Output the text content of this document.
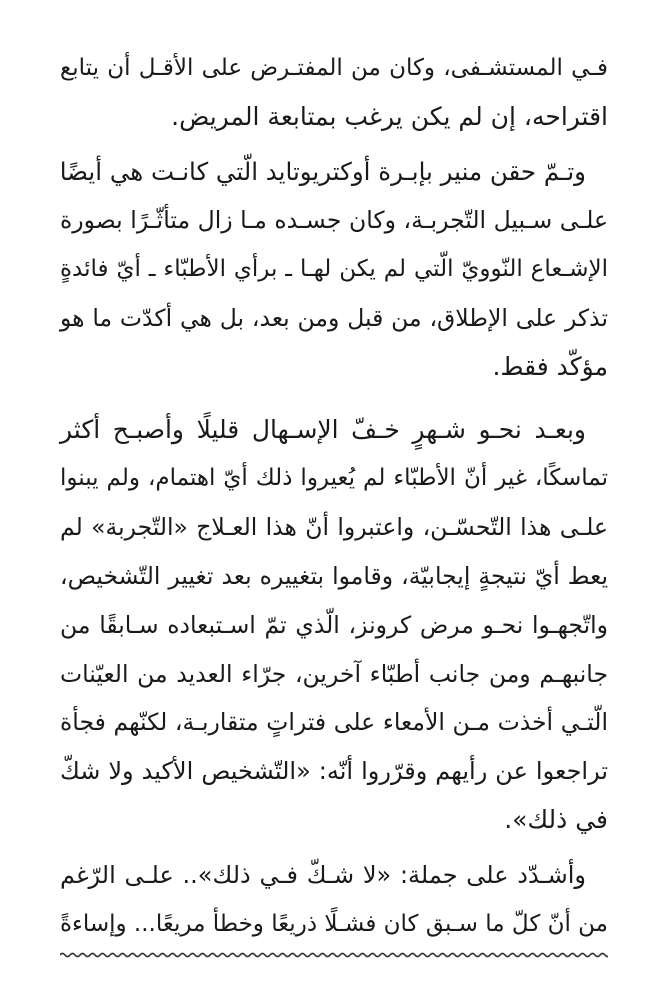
فـي المستشـفى، وكان من المفتـرض على الأقـل أن يتابع
اقتراحه، إن لم يكن يرغب بمتابعة المريض.

وتـمّ حقن منير بإبـرة أوكتريوتايد الّتي كانـت هي أيضًا
علـى سـبيل التّجربـة، وكان جسـده مـا زال متأثّـرًا بصورة
الإشـعاع النّوويّ الّتي لم يكن لهـا ـ برأي الأطبّاء ـ أيّ فائدةٍ
تذكر على الإطلاق، من قبل ومن بعد، بل هي أكدّت ما هو
مؤكّد فقط.

وبعـد نحـو شـهرٍ خـفّ الإسـهال قليلًا وأصبـح أكثر
تماسكًا، غير أنّ الأطبّاء لم يُعيروا ذلك أيّ اهتمام، ولم يبنوا
علـى هذا التّحسّـن، واعتبروا أنّ هذا العـلاج «التّجربة» لم
يعط أيّ نتيجةٍ إيجابيّة، وقاموا بتغييره بعد تغيير التّشخيص،
واتّجهـوا نحـو مرض كرونز، الّذي تمّ اسـتبعاده سـابقًا من
جانبهـم ومن جانب أطبّاء آخرين، جرّاء العديد من العيّنات
الّتـي أخذت مـن الأمعاء على فتراتٍ متقاربـة، لكنّهم فجأة
تراجعوا عن رأيهم وقرّروا أنّه: «التّشخيص الأكيد ولا شكّ
في ذلك».

وأشـدّد على جملة: «لا شـكّ فـي ذلك».. علـى الرّغم
من أنّ كلّ ما سـبق كان فشـلًا ذريعًا وخطأ مريعًا... وإساءةً
